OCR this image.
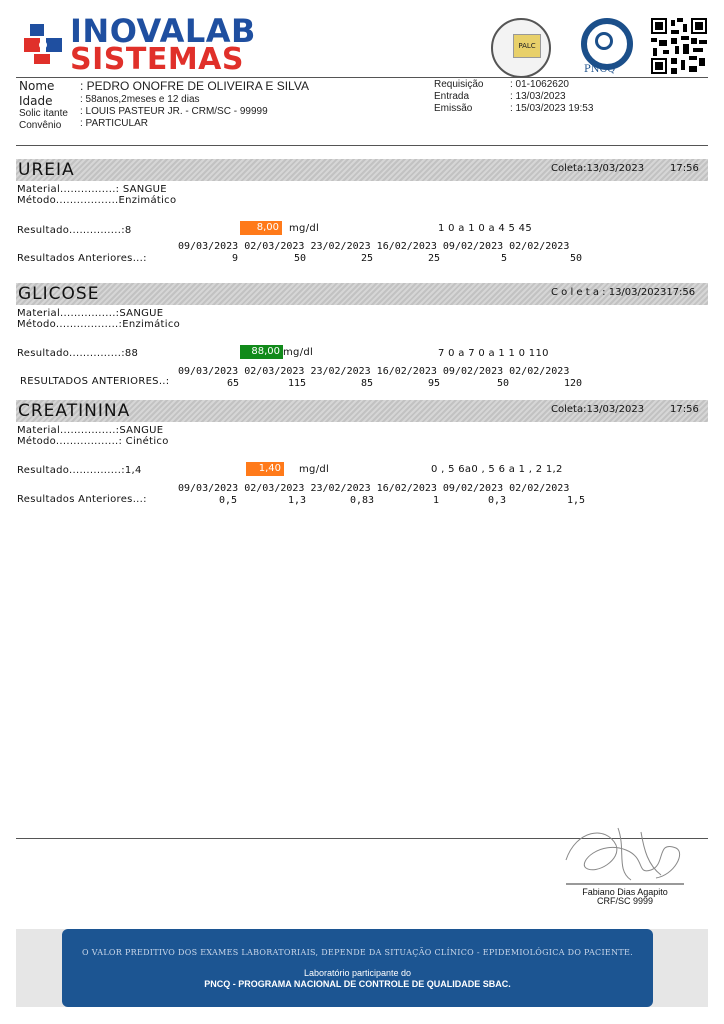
INOVALAB
SISTEMAS	PALC
PNCQ
Nome : PEDRO ONOFRE DE OLIVEIRA E SILVA
Idade	: 58anos,2meses e 12 dias
Solic itante : LOUIS PASTEUR JR. - CRM/SC - 99999
Convênio : PARTICULAR
Requisição	: 01-1062620
Entrada	: 13/03/2023
Emissão	: 15/03/2023 19:53
UREIA	Coleta:13/03/2023	17:56
Material................: SANGUE
Método..................Enzimático
Resultado...............:8	8,00	mg/dl	1 0 a 1 0 a 4 5 45
09/03/2023 02/03/2023 23/02/2023 16/02/2023 09/02/2023 02/02/2023
Resultados Anteriores...:	9	50	25	25	5	50
GLICOSE	C o l e t a : 13/03/202317:56
Material................:SANGUE
Método..................:Enzimático
Resultado...............:88	88,00 mg/dl	7 0 a 7 0 a 1 1 0 110
09/03/2023 02/03/2023 23/02/2023 16/02/2023 09/02/2023 02/02/2023
RESULTADOS ANTERIORES..:	65	115	85	95	50	120
CREATININA	Coleta:13/03/2023	17:56
Material................:SANGUE
Método..................: Cinético
Resultado...............:1,4	1,40	mg/dl	0 , 5 6a0 , 5 6 a 1 , 2 1,2
09/03/2023 02/03/2023 23/02/2023 16/02/2023 09/02/2023 02/02/2023
Resultados Anteriores...:	0,5	1,3	0,83	1	0,3	1,5
Fabiano Dias Agapito
CRF/SC 9999
O VALOR PREDITIVO DOS EXAMES LABORATORIAIS, DEPENDE DA SITUAÇÃO CLÍNICO - EPIDEMIOLÓGICA DO PACIENTE.
Laboratório participante do
PNCQ - PROGRAMA NACIONAL DE CONTROLE DE QUALIDADE SBAC.
